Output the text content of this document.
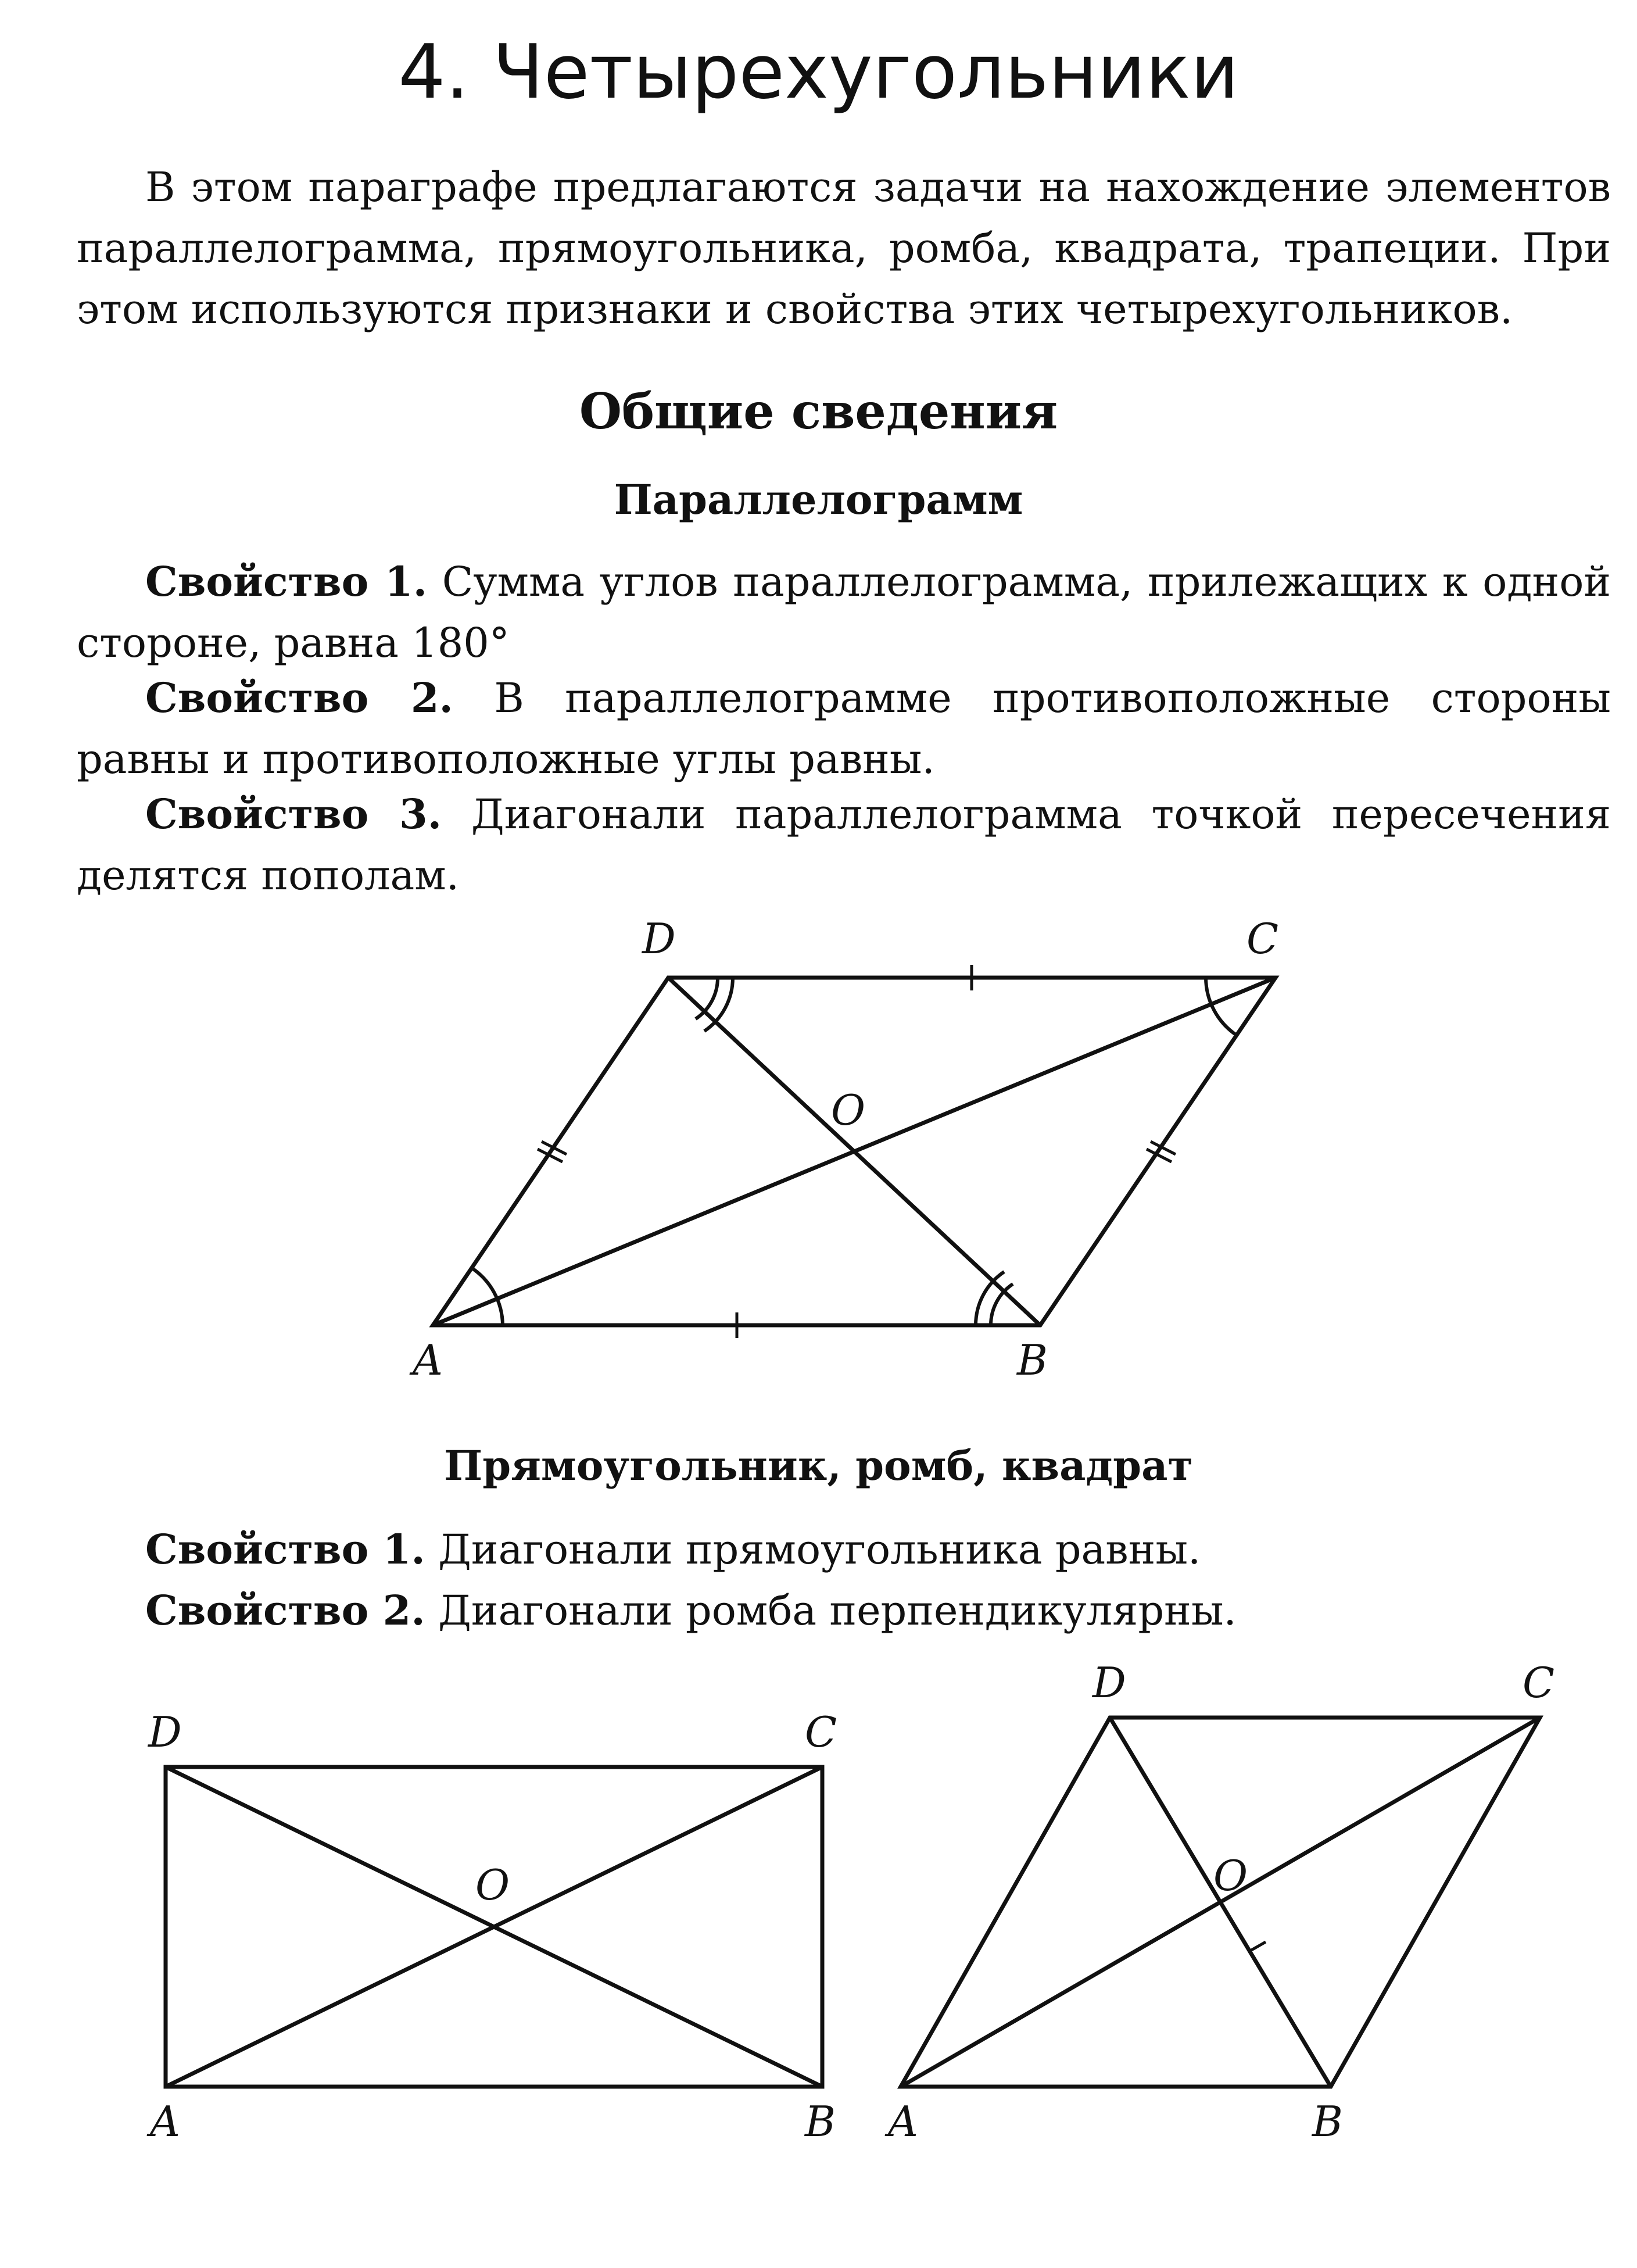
4. Четырехугольники

В этом параграфе предлагаются задачи на нахождение элементов параллелограмма, прямоугольника, ромба, квадрата, трапеции. При этом используются признаки и свойства этих четырехугольников.

Общие сведения
Параллелограмм

Свойство 1. Сумма углов параллелограмма, прилежащих к одной стороне, равна 180°

Свойство 2. В параллелограмме противоположные стороны равны и противоположные углы равны.

Свойство 3. Диагонали параллелограмма точкой пересечения делятся пополам.

A	B
C
D
O
Прямоугольник, ромб, квадрат

Свойство 1. Диагонали прямоугольника равны.

Свойство 2. Диагонали ромба перпендикулярны.

D	C
A	B
O
D	C
A	B
O
